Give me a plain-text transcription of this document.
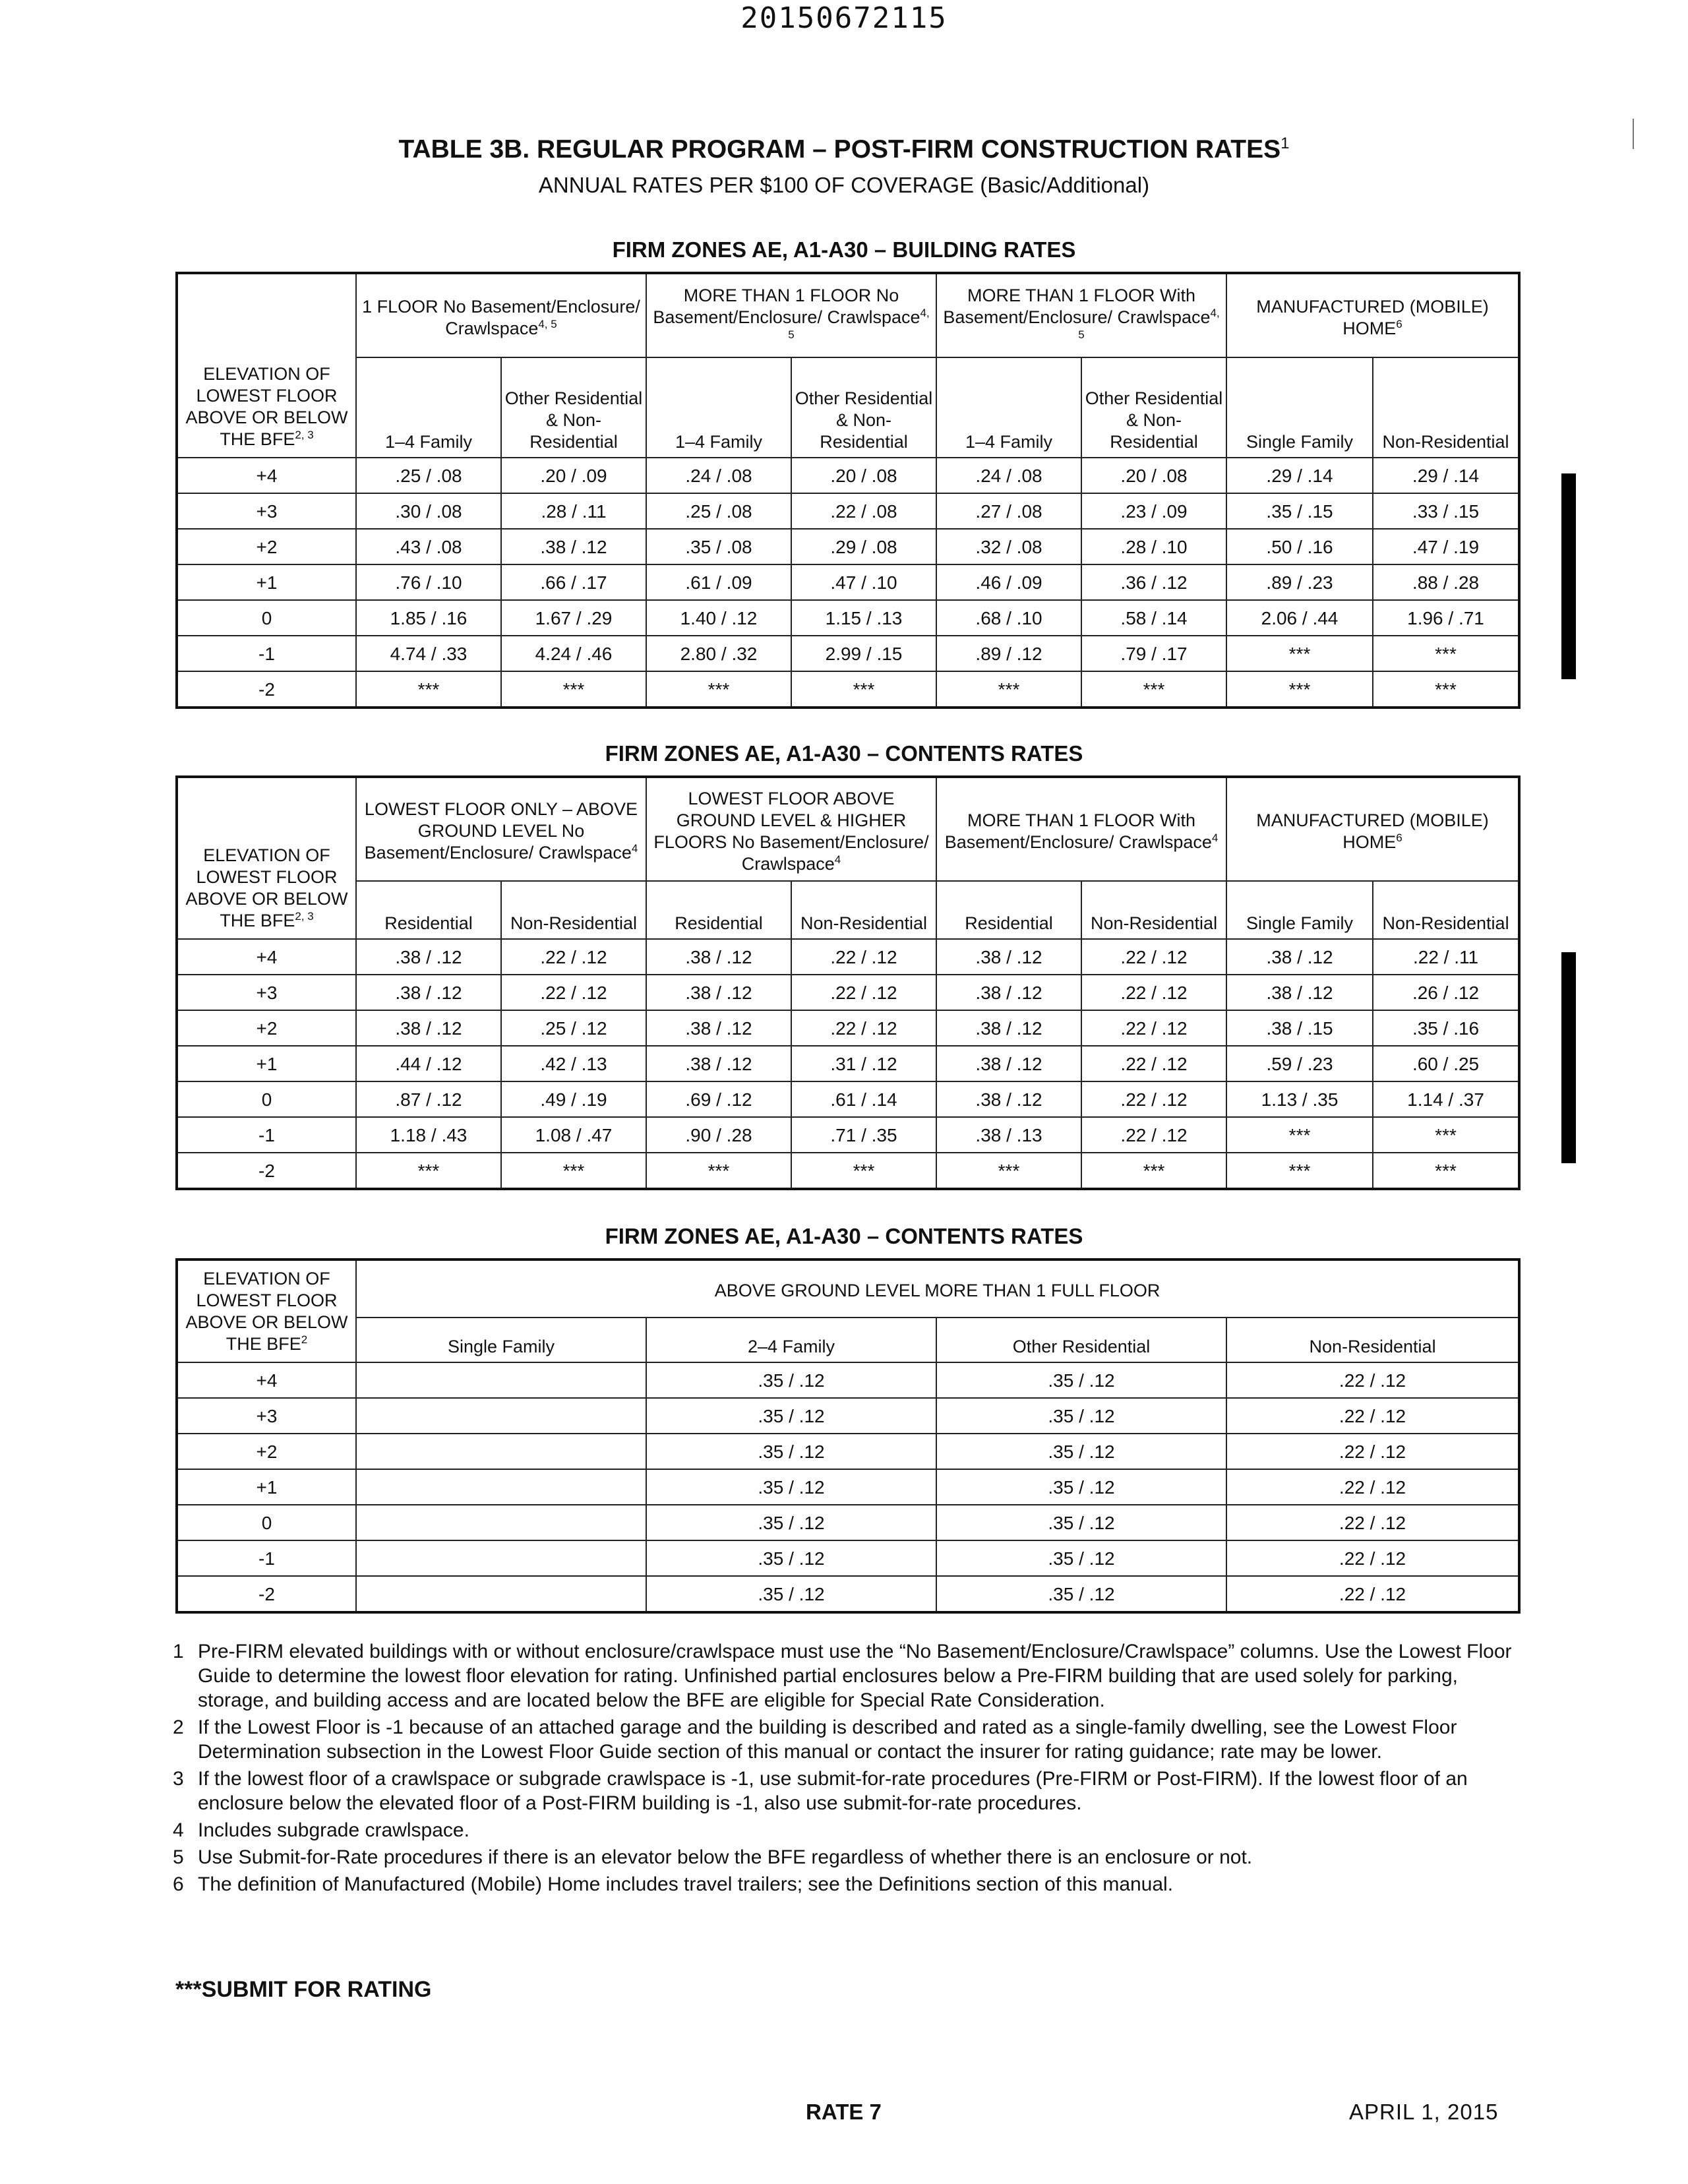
20150672115
TABLE 3B. REGULAR PROGRAM – POST-FIRM CONSTRUCTION RATES$^1$
ANNUAL RATES PER $100 OF COVERAGE (Basic/Additional)
FIRM ZONES AE, A1-A30 – BUILDING RATES
ELEVATION OF LOWEST FLOOR ABOVE OR BELOW THE BFE$^{2, 3}$	1 FLOOR No Basement/Enclosure/ Crawlspace$^{4, 5}$		MORE THAN 1 FLOOR No Basement/Enclosure/ Crawlspace$^{4, 5}$		MORE THAN 1 FLOOR With Basement/Enclosure/ Crawlspace$^{4, 5}$		MANUFACTURED (MOBILE) HOME$^6$
	1–4 Family	Other Residential & Non-Residential	1–4 Family	Other Residential & Non-Residential	1–4 Family	Other Residential & Non-Residential	Single Family	Non-Residential
+4	.25 / .08	.20 / .09	.24 / .08	.20 / .08	.24 / .08	.20 / .08	.29 / .14	.29 / .14
+3	.30 / .08	.28 / .11	.25 / .08	.22 / .08	.27 / .08	.23 / .09	.35 / .15	.33 / .15
+2	.43 / .08	.38 / .12	.35 / .08	.29 / .08	.32 / .08	.28 / .10	.50 / .16	.47 / .19
+1	.76 / .10	.66 / .17	.61 / .09	.47 / .10	.46 / .09	.36 / .12	.89 / .23	.88 / .28
0	1.85 / .16	1.67 / .29	1.40 / .12	1.15 / .13	.68 / .10	.58 / .14	2.06 / .44	1.96 / .71
-1	4.74 / .33	4.24 / .46	2.80 / .32	2.99 / .15	.89 / .12	.79 / .17	***	***
-2	***	***	***	***	***	***	***	***
FIRM ZONES AE, A1-A30 – CONTENTS RATES
ELEVATION OF LOWEST FLOOR ABOVE OR BELOW THE BFE$^{2, 3}$	LOWEST FLOOR ONLY – ABOVE GROUND LEVEL No Basement/Enclosure/ Crawlspace$^4$		LOWEST FLOOR ABOVE GROUND LEVEL & HIGHER FLOORS No Basement/Enclosure/ Crawlspace$^4$		MORE THAN 1 FLOOR With Basement/Enclosure/ Crawlspace$^4$		MANUFACTURED (MOBILE) HOME$^6$
	Residential	Non-Residential	Residential	Non-Residential	Residential	Non-Residential	Single Family	Non-Residential
+4	.38 / .12	.22 / .12	.38 / .12	.22 / .12	.38 / .12	.22 / .12	.38 / .12	.22 / .11
+3	.38 / .12	.22 / .12	.38 / .12	.22 / .12	.38 / .12	.22 / .12	.38 / .12	.26 / .12
+2	.38 / .12	.25 / .12	.38 / .12	.22 / .12	.38 / .12	.22 / .12	.38 / .15	.35 / .16
+1	.44 / .12	.42 / .13	.38 / .12	.31 / .12	.38 / .12	.22 / .12	.59 / .23	.60 / .25
0	.87 / .12	.49 / .19	.69 / .12	.61 / .14	.38 / .12	.22 / .12	1.13 / .35	1.14 / .37
-1	1.18 / .43	1.08 / .47	.90 / .28	.71 / .35	.38 / .13	.22 / .12	***	***
-2	***	***	***	***	***	***	***	***
FIRM ZONES AE, A1-A30 – CONTENTS RATES
ELEVATION OF LOWEST FLOOR ABOVE OR BELOW THE BFE$^2$	ABOVE GROUND LEVEL MORE THAN 1 FULL FLOOR			
	Single Family	2–4 Family	Other Residential	Non-Residential
+4		.35 / .12	.35 / .12	.22 / .12
+3		.35 / .12	.35 / .12	.22 / .12
+2		.35 / .12	.35 / .12	.22 / .12
+1		.35 / .12	.35 / .12	.22 / .12
0		.35 / .12	.35 / .12	.22 / .12
-1		.35 / .12	.35 / .12	.22 / .12
-2		.35 / .12	.35 / .12	.22 / .12
1 Pre-FIRM elevated buildings with or without enclosure/crawlspace must use the “No Basement/Enclosure/Crawlspace” columns. Use the Lowest Floor Guide to determine the lowest floor elevation for rating. Unfinished partial enclosures below a Pre-FIRM building that are used solely for parking, storage, and building access and are located below the BFE are eligible for Special Rate Consideration.
2 If the Lowest Floor is -1 because of an attached garage and the building is described and rated as a single-family dwelling, see the Lowest Floor Determination subsection in the Lowest Floor Guide section of this manual or contact the insurer for rating guidance; rate may be lower.
3 If the lowest floor of a crawlspace or subgrade crawlspace is -1, use submit-for-rate procedures (Pre-FIRM or Post-FIRM). If the lowest floor of an enclosure below the elevated floor of a Post-FIRM building is -1, also use submit-for-rate procedures.
4 Includes subgrade crawlspace.
5 Use Submit-for-Rate procedures if there is an elevator below the BFE regardless of whether there is an enclosure or not.
6 The definition of Manufactured (Mobile) Home includes travel trailers; see the Definitions section of this manual.
***SUBMIT FOR RATING
RATE 7	APRIL 1, 2015
